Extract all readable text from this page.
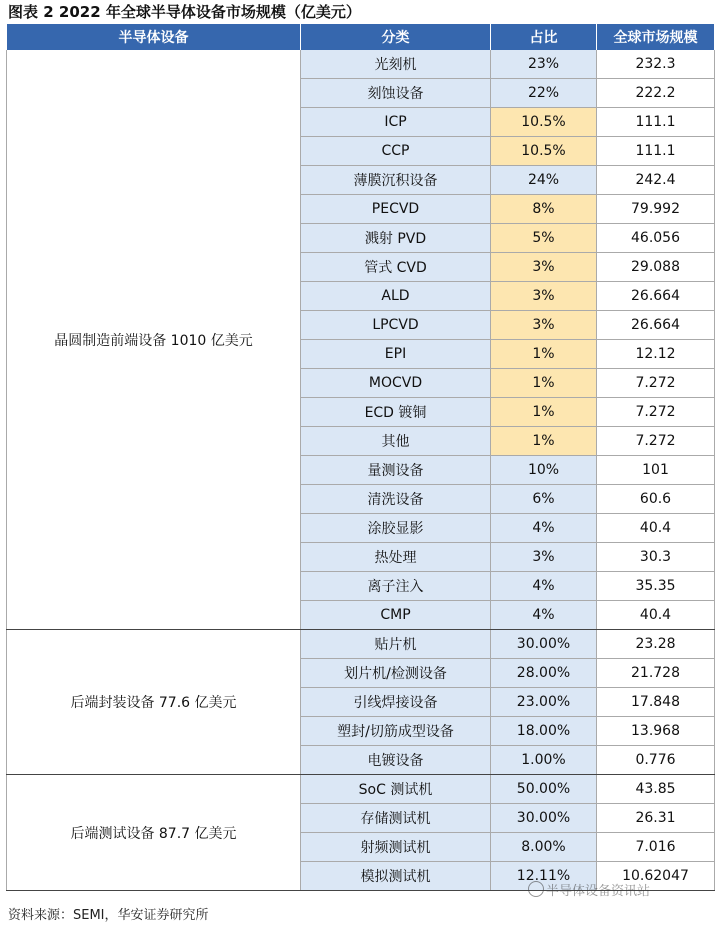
图表 2 2022 年全球半导体设备市场规模（亿美元）
半导体设备	分类	占比	全球市场规模
晶圆制造前端设备 1010 亿美元	光刻机	23%	232.3
	刻蚀设备	22%	222.2
	ICP	10.5%	111.1
	CCP	10.5%	111.1
	薄膜沉积设备	24%	242.4
	PECVD	8%	79.992
	溅射 PVD	5%	46.056
	管式 CVD	3%	29.088
	ALD	3%	26.664
	LPCVD	3%	26.664
	EPI	1%	12.12
	MOCVD	1%	7.272
	ECD 镀铜	1%	7.272
	其他	1%	7.272
	量测设备	10%	101
	清洗设备	6%	60.6
	涂胶显影	4%	40.4
	热处理	3%	30.3
	离子注入	4%	35.35
	CMP	4%	40.4
后端封装设备 77.6 亿美元	贴片机	30.00%	23.28
	划片机/检测设备	28.00%	21.728
	引线焊接设备	23.00%	17.848
	塑封/切筋成型设备	18.00%	13.968
	电镀设备	1.00%	0.776
后端测试设备 87.7 亿美元	SoC 测试机	50.00%	43.85
	存储测试机	30.00%	26.31
	射频测试机	8.00%	7.016
	模拟测试机	12.11%	10.62047
半导体设备资讯站
资料来源：SEMI，华安证券研究所
